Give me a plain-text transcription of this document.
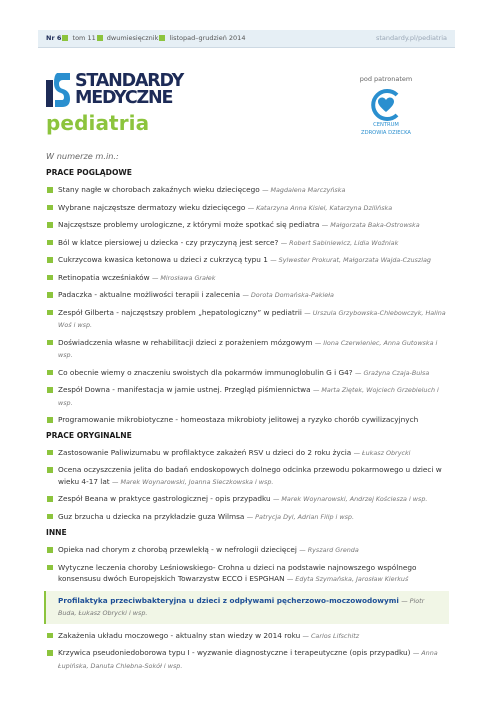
Nr 6 tom 11 dwumiesięcznik listopad–grudzień 2014	standardy.pl/pediatria
STANDARDY
MEDYCZNE
pediatria
pod patronatem
CENTRUM
ZDROWIA DZIECKA
W numerze m.in.:
PRACE POGLĄDOWE
Stany nagłe w chorobach zakaźnych wieku dziecięcego — Magdalena Marczyńska
Wybrane najczęstsze dermatozy wieku dziecięcego — Katarzyna Anna Kisiel, Katarzyna Dzilińska
Najczęstsze problemy urologiczne, z którymi może spotkać się pediatra — Małgorzata Baka-Ostrowska
Ból w klatce piersiowej u dziecka - czy przyczyną jest serce? — Robert Sabiniewicz, Lidia Woźniak
Cukrzycowa kwasica ketonowa u dzieci z cukrzycą typu 1 — Sylwester Prokurat, Małgorzata Wajda-Czuszlag
Retinopatia wcześniaków — Mirosława Grałek
Padaczka - aktualne możliwości terapii i zalecenia — Dorota Domańska-Pakieła
Zespół Gilberta - najczęstszy problem „hepatologiczny” w pediatrii — Urszula Grzybowska-Chlebowczyk, Halina Woś i wsp.
Doświadczenia własne w rehabilitacji dzieci z porażeniem mózgowym — Ilona Czerwieniec, Anna Gutowska i wsp.
Co obecnie wiemy o znaczeniu swoistych dla pokarmów immunoglobulin G i G4? — Grażyna Czaja-Bulsa
Zespół Downa - manifestacja w jamie ustnej. Przegląd piśmiennictwa — Marta Ziętek, Wojciech Grzebieluch i wsp.
Programowanie mikrobiotyczne - homeostaza mikrobioty jelitowej a ryzyko chorób cywilizacyjnych
PRACE ORYGINALNE
Zastosowanie Paliwizumabu w profilaktyce zakażeń RSV u dzieci do 2 roku życia — Łukasz Obrycki
Ocena oczyszczenia jelita do badań endoskopowych dolnego odcinka przewodu pokarmowego u dzieci w wieku 4-17 lat — Marek Woynarowski, Joanna Sieczkowska i wsp.
Zespół Beana w praktyce gastrologicznej - opis przypadku — Marek Woynarowski, Andrzej Kościesza i wsp.
Guz brzucha u dziecka na przykładzie guza Wilmsa — Patrycja Dyl, Adrian Filip i wsp.
INNE
Opieka nad chorym z chorobą przewlekłą - w nefrologii dziecięcej — Ryszard Grenda
Wytyczne leczenia choroby Leśniowskiego- Crohna u dzieci na podstawie najnowszego wspólnego konsensusu dwóch Europejskich Towarzystw ECCO i ESPGHAN — Edyta Szymańska, Jarosław Kierkuś
Profilaktyka przeciwbakteryjna u dzieci z odpływami pęcherzowo-moczowodowymi — Piotr Buda, Łukasz Obrycki i wsp.
Zakażenia układu moczowego - aktualny stan wiedzy w 2014 roku — Carlos Lifschitz
Krzywica pseudoniedoborowa typu I - wyzwanie diagnostyczne i terapeutyczne (opis przypadku) — Anna Łupińska, Danuta Chlebna-Sokół i wsp.
